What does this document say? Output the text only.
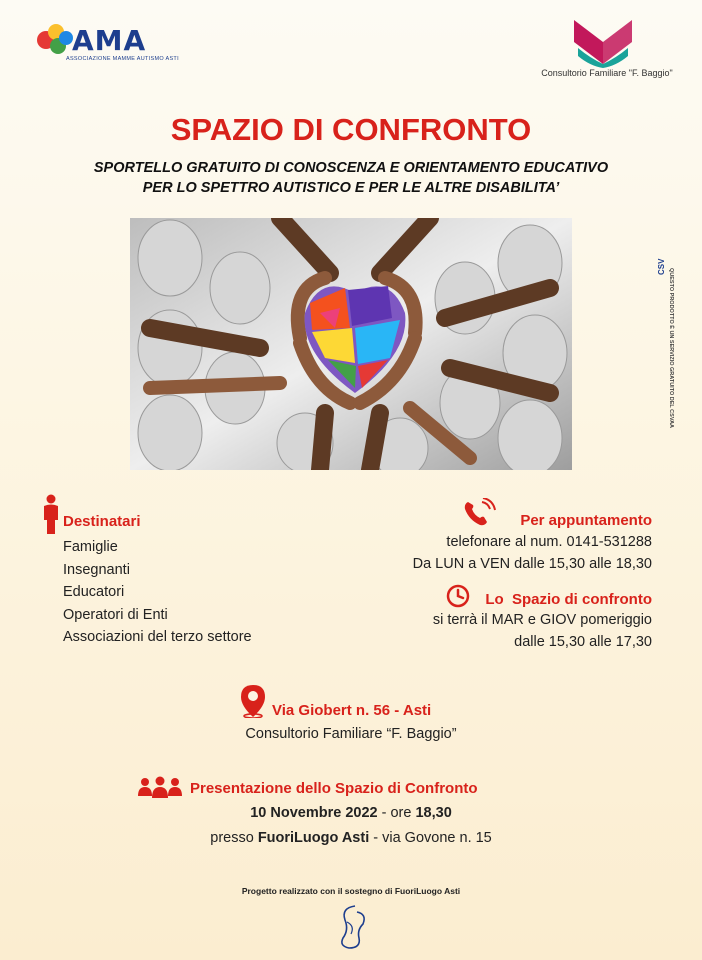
AMA
ASSOCIAZIONE MAMME AUTISMO ASTI
Consultorio Familiare "F. Baggio"
SPAZIO DI CONFRONTO
SPORTELLO GRATUITO DI CONOSCENZA E ORIENTAMENTO EDUCATIVO
PER LO SPETTRO AUTISTICO E PER LE ALTRE DISABILITA’
CSV
QUESTO PRODOTTO È UN SERVIZIO GRATUITO DEL CSVAA
Destinatari
Famiglie
Insegnanti
Educatori
Operatori di Enti
Associazioni del terzo settore
Per appuntamento
telefonare al num. 0141-531288
Da LUN a VEN dalle 15,30 alle 18,30
Lo  Spazio di confronto
si terrà il MAR e GIOV pomeriggio
dalle 15,30 alle 17,30
Via Giobert n. 56 - Asti
Consultorio Familiare “F. Baggio”
Presentazione dello Spazio di Confronto
10 Novembre 2022 - ore 18,30
presso FuoriLuogo Asti - via Govone n. 15
Progetto realizzato con il sostegno di FuoriLuogo Asti
